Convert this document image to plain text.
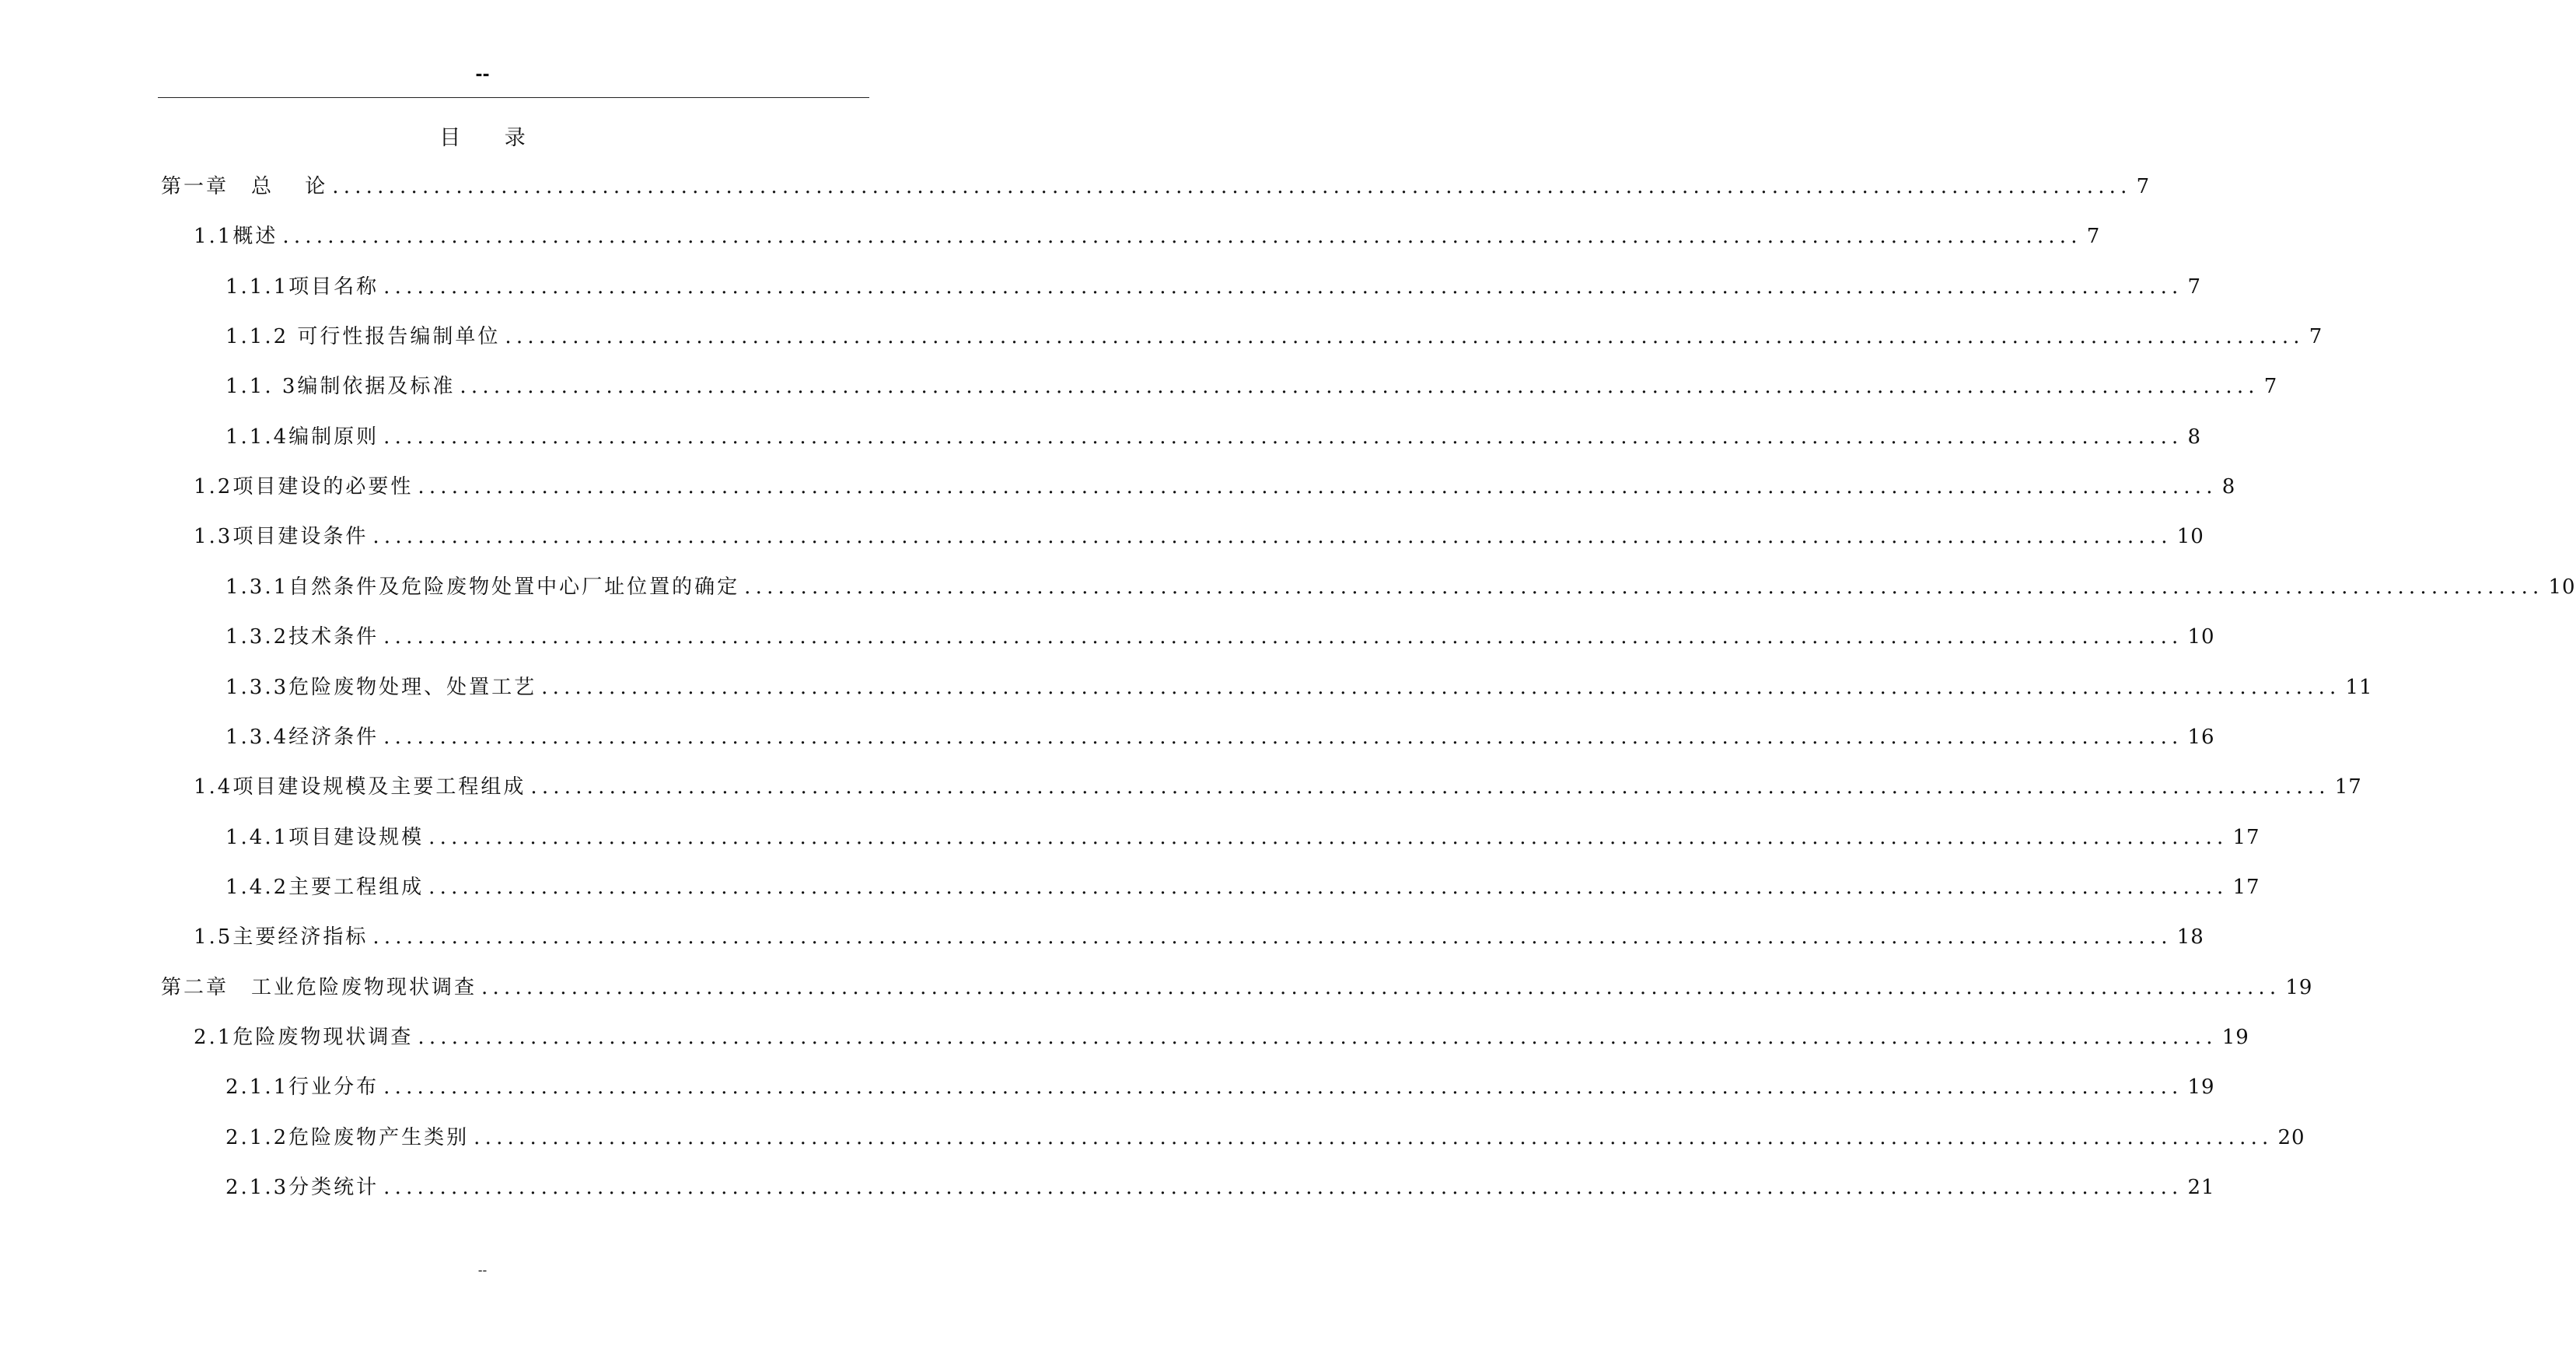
--
目 录
第一章　总　 论 ................................................................................................................................................................ 7
1.1概述 ................................................................................................................................................................ 7
1.1.1项目名称 ................................................................................................................................................................ 7
1.1.2 可行性报告编制单位 ................................................................................................................................................................ 7
1.1. 3编制依据及标准 ................................................................................................................................................................ 7
1.1.4编制原则 ................................................................................................................................................................ 8
1.2项目建设的必要性 ................................................................................................................................................................ 8
1.3项目建设条件 ................................................................................................................................................................ 10
1.3.1自然条件及危险废物处置中心厂址位置的确定 ................................................................................................................................................................ 10
1.3.2技术条件 ................................................................................................................................................................ 10
1.3.3危险废物处理、处置工艺 ................................................................................................................................................................ 11
1.3.4经济条件 ................................................................................................................................................................ 16
1.4项目建设规模及主要工程组成 ................................................................................................................................................................ 17
1.4.1项目建设规模 ................................................................................................................................................................ 17
1.4.2主要工程组成 ................................................................................................................................................................ 17
1.5主要经济指标 ................................................................................................................................................................ 18
第二章　工业危险废物现状调查 ................................................................................................................................................................ 19
2.1危险废物现状调查 ................................................................................................................................................................ 19
2.1.1行业分布 ................................................................................................................................................................ 19
2.1.2危险废物产生类别 ................................................................................................................................................................ 20
2.1.3分类统计 ................................................................................................................................................................ 21
--
